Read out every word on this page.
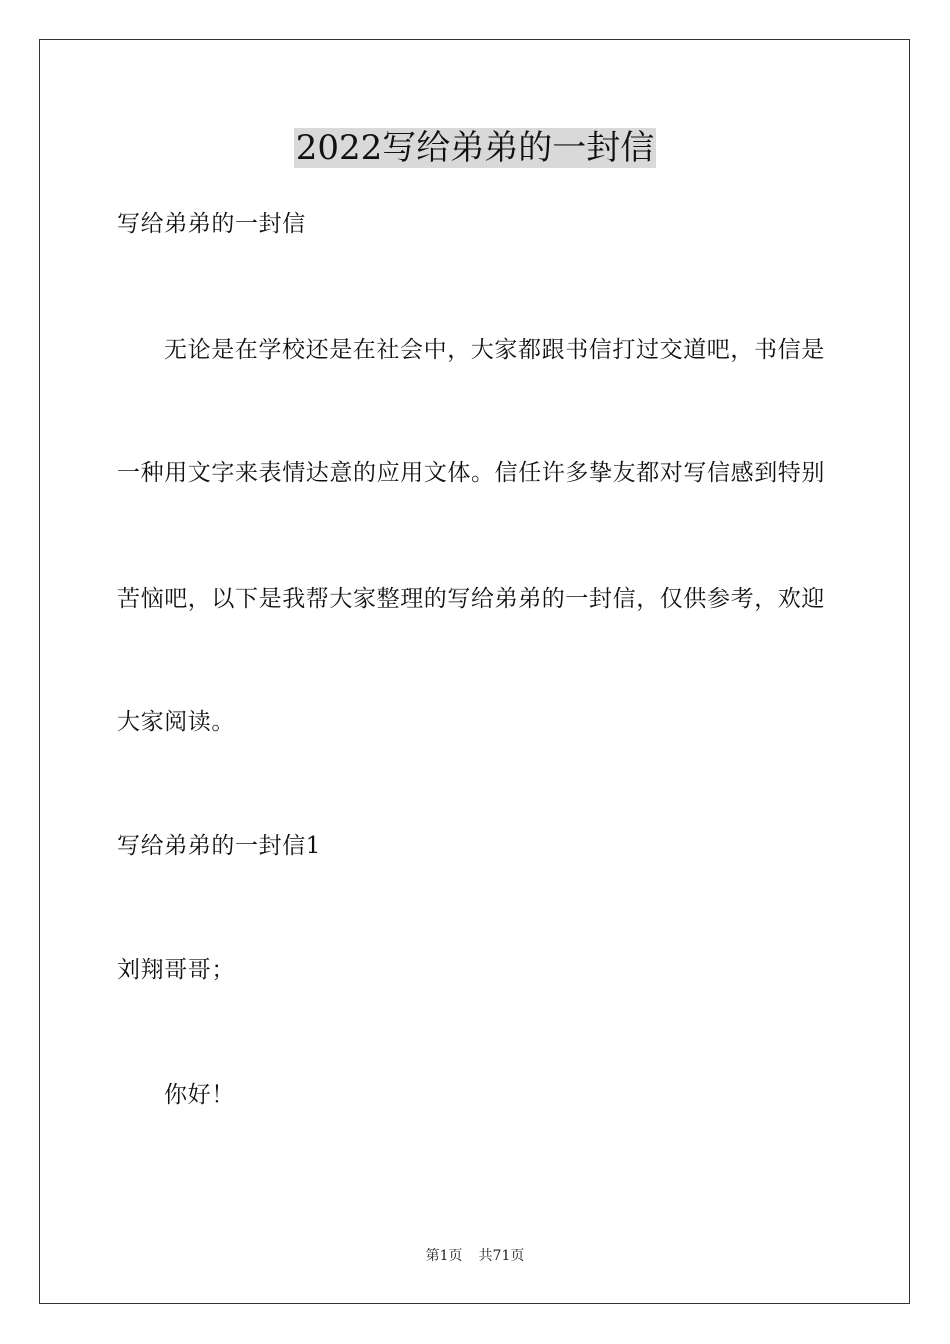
2022写给弟弟的一封信
写给弟弟的一封信
无论是在学校还是在社会中，大家都跟书信打过交道吧，书信是
一种用文字来表情达意的应用文体。信任许多挚友都对写信感到特别
苦恼吧，以下是我帮大家整理的写给弟弟的一封信，仅供参考，欢迎
大家阅读。
写给弟弟的一封信1
刘翔哥哥；
你好！
第1页 共71页
